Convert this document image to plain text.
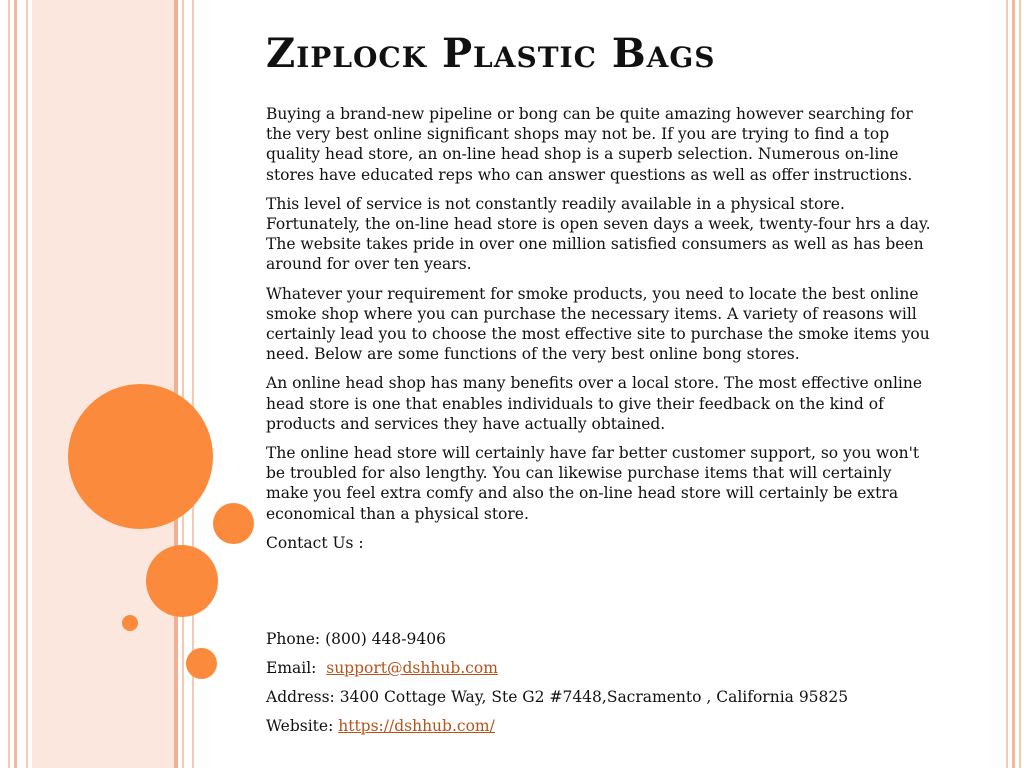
Ziplock Plastic Bags

Buying a brand-new pipeline or bong can be quite amazing however searching for the very best online significant shops may not be. If you are trying to find a top quality head store, an on-line head shop is a superb selection. Numerous on-line stores have educated reps who can answer questions as well as offer instructions.

This level of service is not constantly readily available in a physical store. Fortunately, the on-line head store is open seven days a week, twenty-four hrs a day. The website takes pride in over one million satisfied consumers as well as has been around for over ten years.

Whatever your requirement for smoke products, you need to locate the best online smoke shop where you can purchase the necessary items. A variety of reasons will certainly lead you to choose the most effective site to purchase the smoke items you need. Below are some functions of the very best online bong stores.

An online head shop has many benefits over a local store. The most effective online head store is one that enables individuals to give their feedback on the kind of products and services they have actually obtained.

The online head store will certainly have far better customer support, so you won't be troubled for also lengthy. You can likewise purchase items that will certainly make you feel extra comfy and also the on-line head store will certainly be extra economical than a physical store.

Contact Us :

Phone: (800) 448-9406
Email:  support@dshhub.com
Address: 3400 Cottage Way, Ste G2 #7448,Sacramento , California 95825
Website: https://dshhub.com/
